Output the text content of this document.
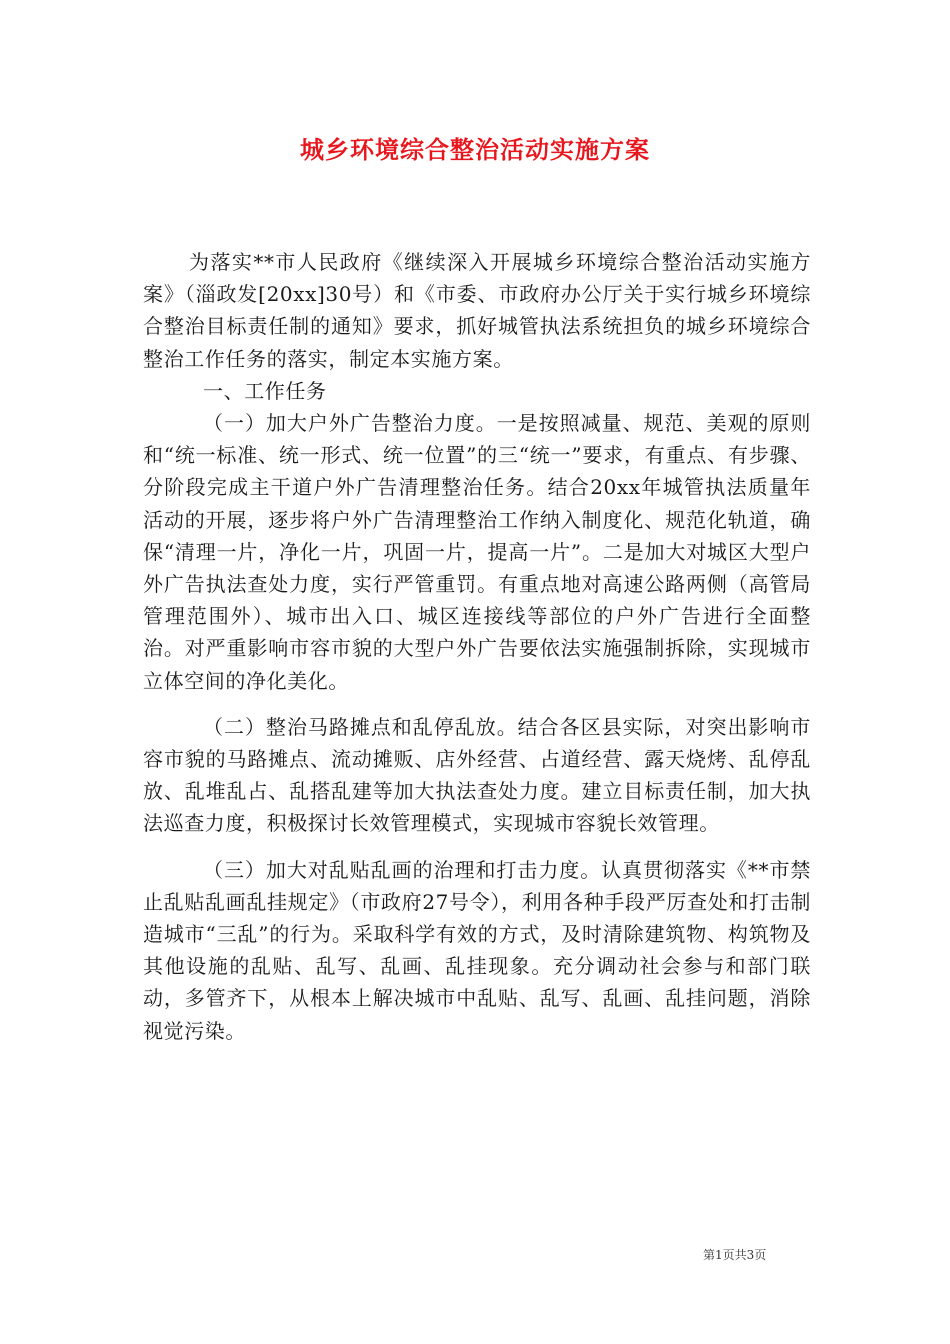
城乡环境综合整治活动实施方案

为落实**市人民政府《继续深入开展城乡环境综合整治活动实施方案》（淄政发[20xx]30号）和《市委、市政府办公厅关于实行城乡环境综合整治目标责任制的通知》要求，抓好城管执法系统担负的城乡环境综合整治工作任务的落实，制定本实施方案。

一、工作任务

（一）加大户外广告整治力度。一是按照减量、规范、美观的原则和“统一标准、统一形式、统一位置”的三“统一”要求，有重点、有步骤、分阶段完成主干道户外广告清理整治任务。结合20xx年城管执法质量年活动的开展，逐步将户外广告清理整治工作纳入制度化、规范化轨道，确保“清理一片，净化一片，巩固一片，提高一片”。二是加大对城区大型户外广告执法查处力度，实行严管重罚。有重点地对高速公路两侧（高管局管理范围外）、城市出入口、城区连接线等部位的户外广告进行全面整治。对严重影响市容市貌的大型户外广告要依法实施强制拆除，实现城市立体空间的净化美化。

（二）整治马路摊点和乱停乱放。结合各区县实际，对突出影响市容市貌的马路摊点、流动摊贩、店外经营、占道经营、露天烧烤、乱停乱放、乱堆乱占、乱搭乱建等加大执法查处力度。建立目标责任制，加大执法巡查力度，积极探讨长效管理模式，实现城市容貌长效管理。

（三）加大对乱贴乱画的治理和打击力度。认真贯彻落实《**市禁止乱贴乱画乱挂规定》（市政府27号令），利用各种手段严厉查处和打击制造城市“三乱”的行为。采取科学有效的方式，及时清除建筑物、构筑物及其他设施的乱贴、乱写、乱画、乱挂现象。充分调动社会参与和部门联动，多管齐下，从根本上解决城市中乱贴、乱写、乱画、乱挂问题，消除视觉污染。

第1页共3页
